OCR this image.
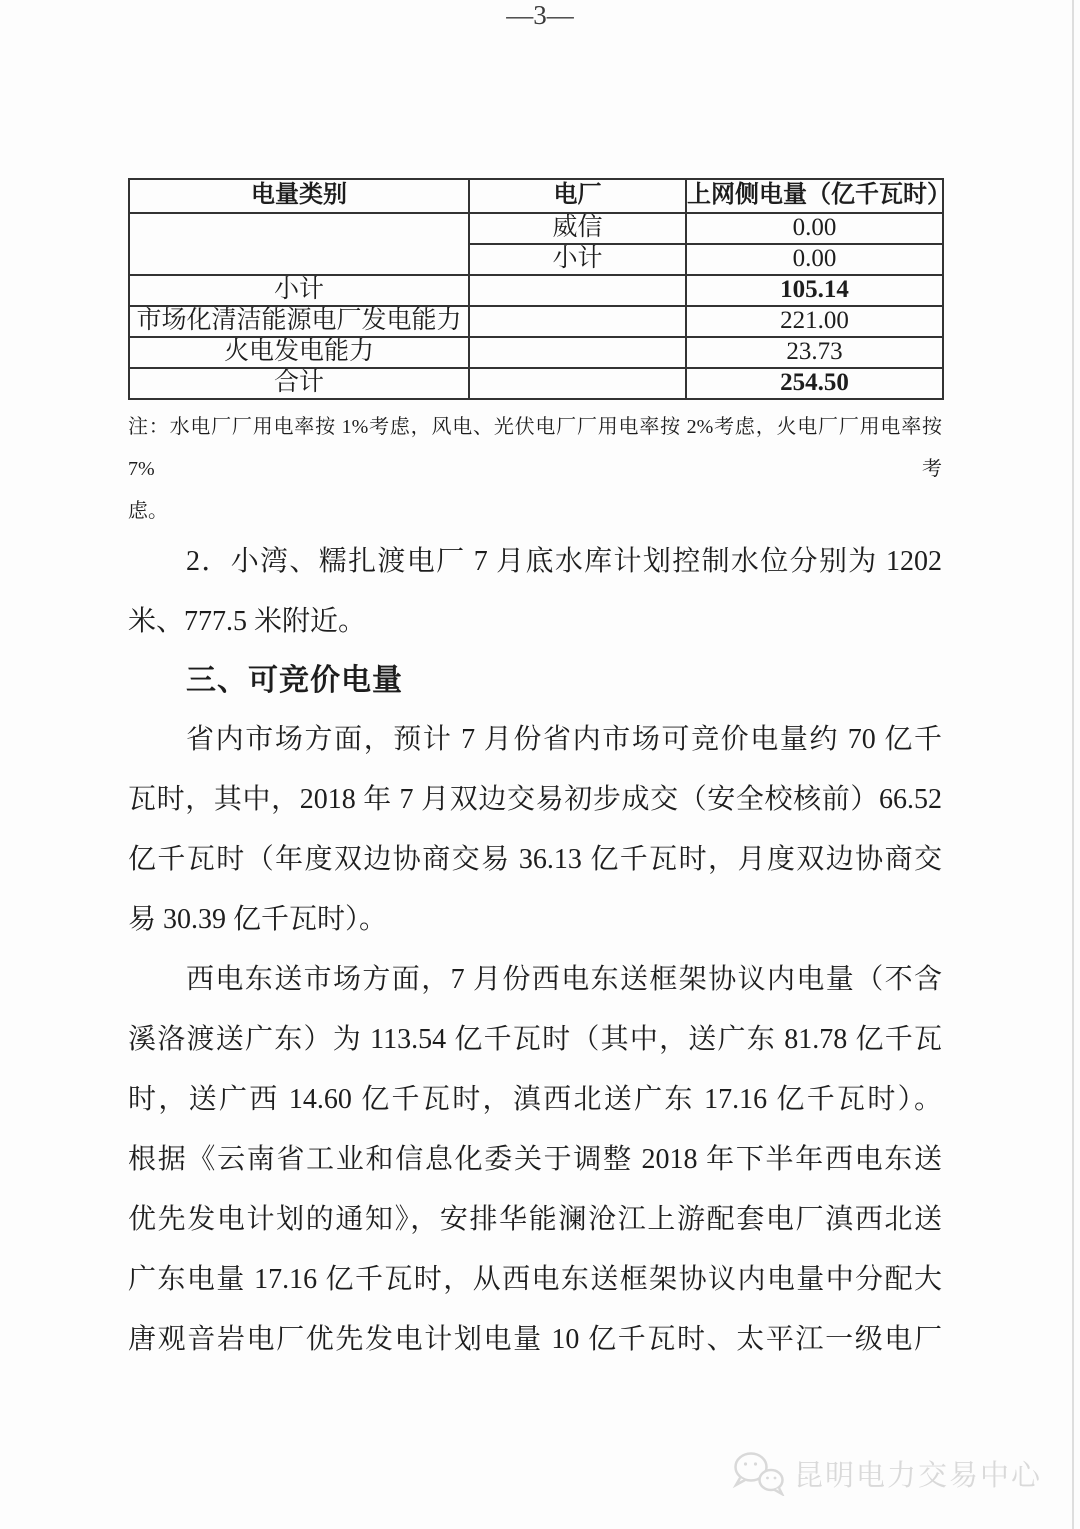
电量类别	电厂	上网侧电量（亿千瓦时）
	威信	0.00
	小计	0.00
小计		105.14
市场化清洁能源电厂发电能力		221.00
火电发电能力		23.73
合计		254.50
注：水电厂厂用电率按 1%考虑，风电、光伏电厂厂用电率按 2%考虑，火电厂厂用电率按 7%考
虑。
2．小湾、糯扎渡电厂 7 月底水库计划控制水位分别为 1202
米、777.5 米附近。
三、可竞价电量
省内市场方面，预计 7 月份省内市场可竞价电量约 70 亿千
瓦时，其中，2018 年 7 月双边交易初步成交（安全校核前）66.52
亿千瓦时（年度双边协商交易 36.13 亿千瓦时，月度双边协商交
易 30.39 亿千瓦时）。
西电东送市场方面，7 月份西电东送框架协议内电量（不含
溪洛渡送广东）为 113.54 亿千瓦时（其中，送广东 81.78 亿千瓦
时，送广西 14.60 亿千瓦时，滇西北送广东 17.16 亿千瓦时）。
根据《云南省工业和信息化委关于调整 2018 年下半年西电东送
优先发电计划的通知》，安排华能澜沧江上游配套电厂滇西北送
广东电量 17.16 亿千瓦时，从西电东送框架协议内电量中分配大
唐观音岩电厂优先发电计划电量 10 亿千瓦时、太平江一级电厂
—3—
昆明电力交易中心
